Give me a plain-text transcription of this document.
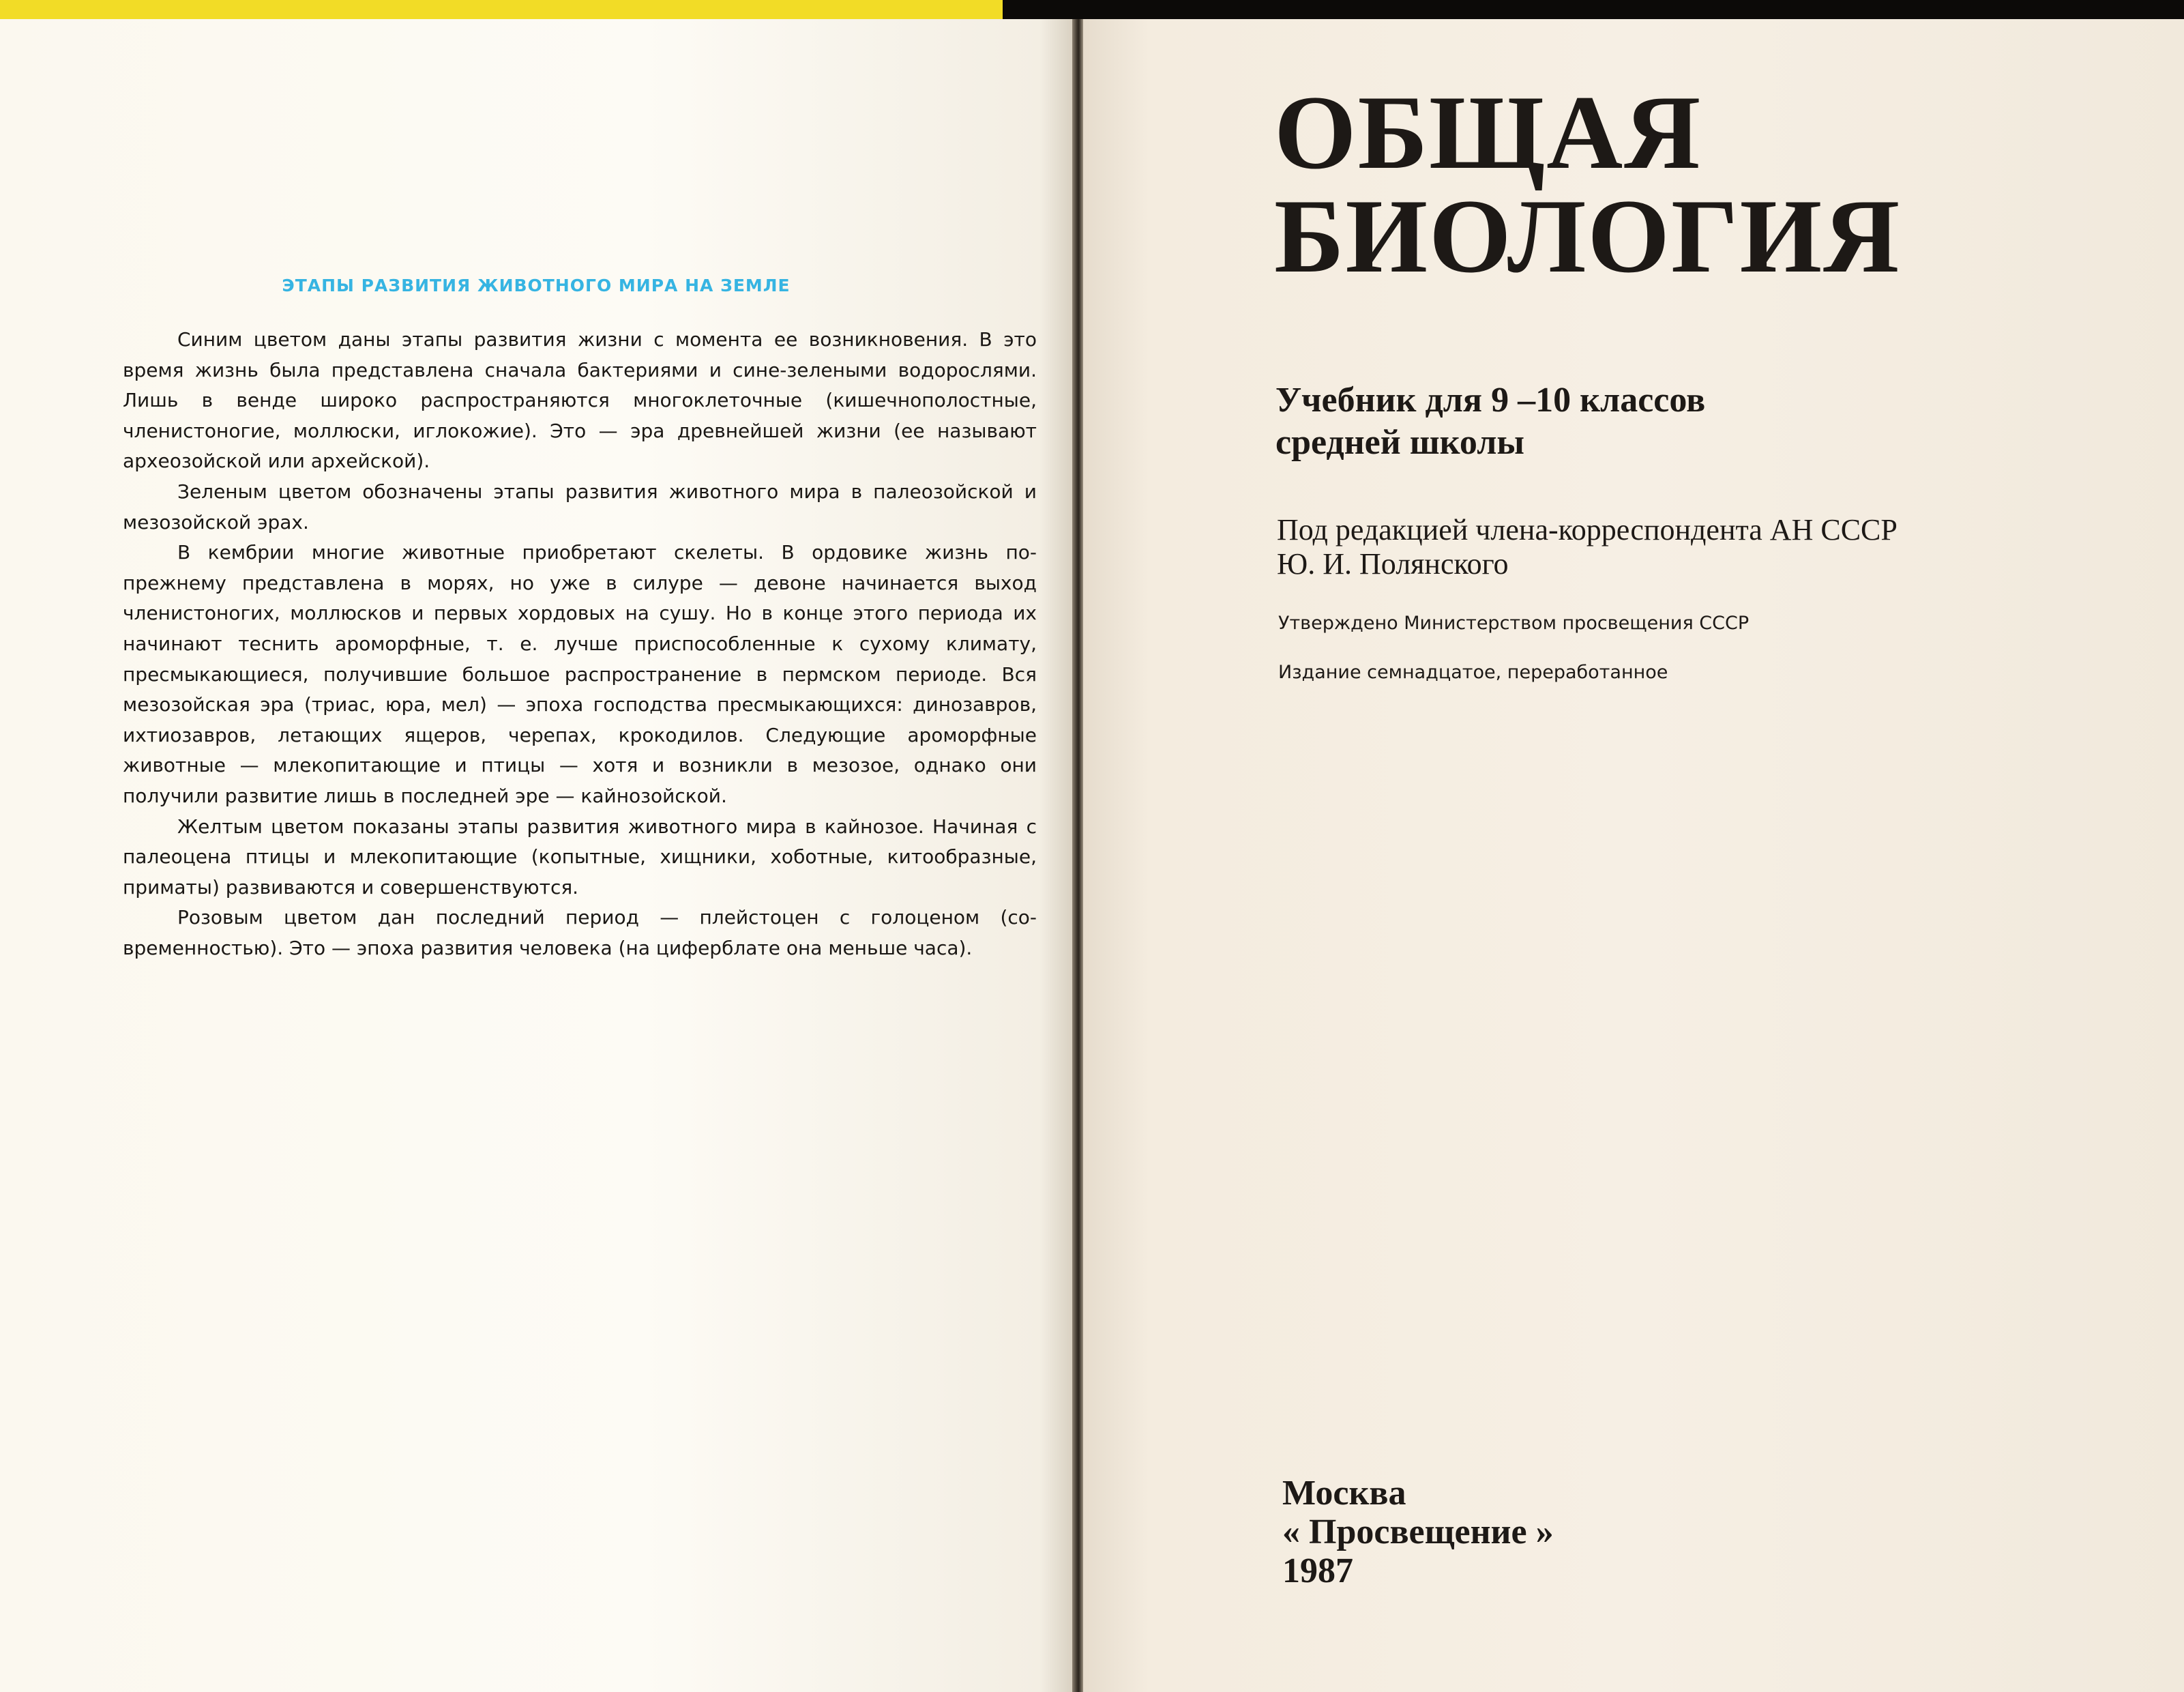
ЭТАПЫ РАЗВИТИЯ ЖИВОТНОГО МИРА НА ЗЕМЛЕ

Синим цветом даны этапы развития жизни с момента ее возникновения. В это время жизнь была представлена сначала бактериями и сине-зелеными водорослями. Лишь в венде широко распространяются многоклеточные (кишечнополостные, членистоногие, моллюски, иглокожие). Это — эра древнейшей жизни (ее называют археозойской или архейской).

Зеленым цветом обозначены этапы развития животного мира в палеозойской и мезозойской эрах.

В кембрии многие животные приобретают скелеты. В ордовике жизнь по-прежнему представлена в морях, но уже в силуре — девоне начинается выход членистоногих, моллюсков и первых хордовых на сушу. Но в конце этого периода их начинают теснить ароморфные, т. е. лучше приспособленные к сухому климату, пресмыкающиеся, получившие большое распространение в пермском периоде. Вся мезозойская эра (триас, юра, мел) — эпоха господства пресмыкающихся: динозавров, ихтиозавров, летающих ящеров, черепах, крокодилов. Следующие ароморфные животные — млекопитающие и птицы — хотя и возникли в мезозое, однако они получили развитие лишь в последней эре — кайнозойской.

Желтым цветом показаны этапы развития животного мира в кайнозое. Начиная с палеоцена птицы и млекопитающие (копытные, хищники, хоботные, китообразные, приматы) развиваются и совершенствуются.

Розовым цветом дан последний период — плейстоцен с голоценом (современностью). Это — эпоха развития человека (на циферблате она меньше часа).

ОБЩАЯ
БИОЛОГИЯ
Учебник для 9 –10 классов
средней школы
Под редакцией члена-корреспондента АН СССР
Ю. И. Полянского
Утверждено Министерством просвещения СССР
Издание семнадцатое, переработанное
Москва
« Просвещение »
1987
